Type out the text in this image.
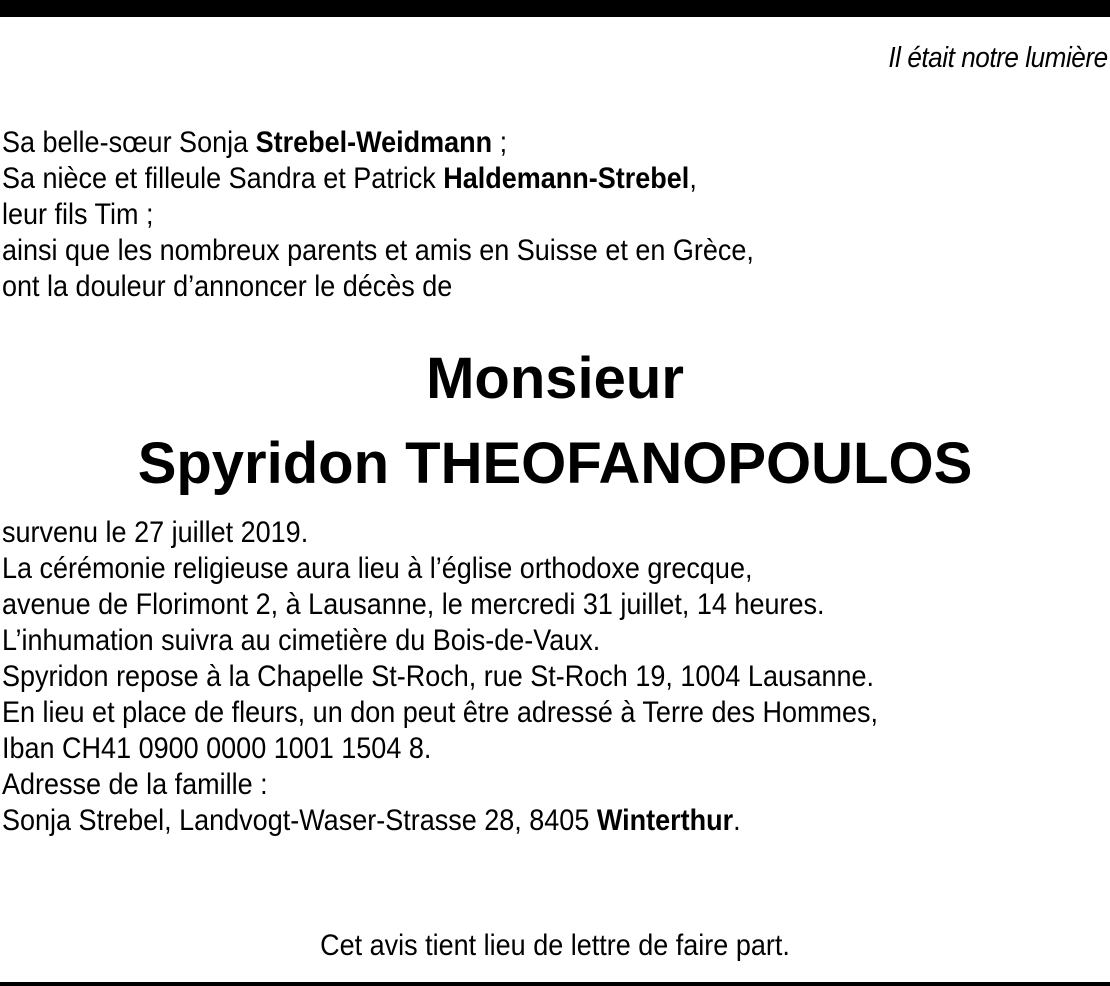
Il était notre lumière
Sa belle-sœur Sonja Strebel-Weidmann ;
Sa nièce et filleule Sandra et Patrick Haldemann-Strebel,
leur fils Tim ;
ainsi que les nombreux parents et amis en Suisse et en Grèce,
ont la douleur d’annoncer le décès de
Monsieur
Spyridon THEOFANOPOULOS
survenu le 27 juillet 2019.
La cérémonie religieuse aura lieu à l’église orthodoxe grecque,
avenue de Florimont 2, à Lausanne, le mercredi 31 juillet, 14 heures.
L’inhumation suivra au cimetière du Bois-de-Vaux.
Spyridon repose à la Chapelle St-Roch, rue St-Roch 19, 1004 Lausanne.
En lieu et place de fleurs, un don peut être adressé à Terre des Hommes,
Iban CH41 0900 0000 1001 1504 8.
Adresse de la famille :
Sonja Strebel, Landvogt-Waser-Strasse 28, 8405 Winterthur.
Cet avis tient lieu de lettre de faire part.
